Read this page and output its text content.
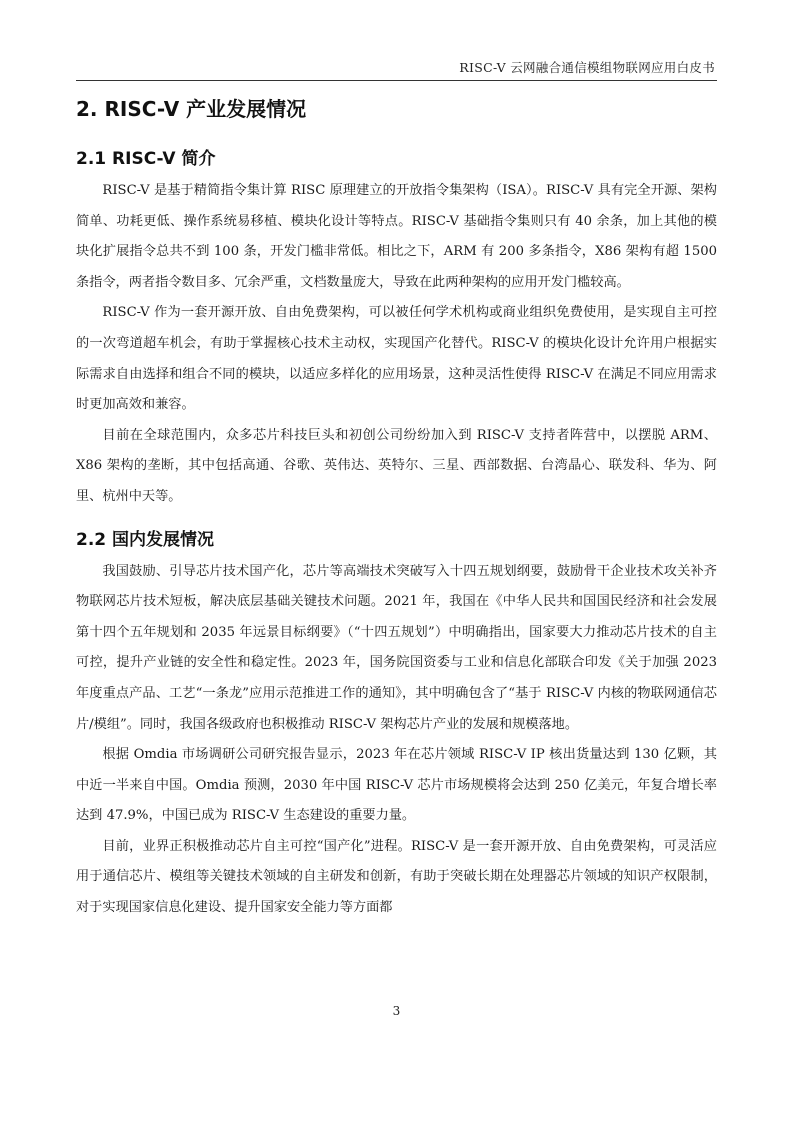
RISC-V 云网融合通信模组物联网应用白皮书
2. RISC-V 产业发展情况
2.1 RISC-V 简介

RISC-V 是基于精简指令集计算 RISC 原理建立的开放指令集架构（ISA）。RISC-V 具有完全开源、架构简单、功耗更低、操作系统易移植、模块化设计等特点。RISC-V 基础指令集则只有 40 余条，加上其他的模块化扩展指令总共不到 100 条，开发门槛非常低。相比之下，ARM 有 200 多条指令，X86 架构有超 1500 条指令，两者指令数目多、冗余严重，文档数量庞大，导致在此两种架构的应用开发门槛较高。

RISC-V 作为一套开源开放、自由免费架构，可以被任何学术机构或商业组织免费使用，是实现自主可控的一次弯道超车机会，有助于掌握核心技术主动权，实现国产化替代。RISC-V 的模块化设计允许用户根据实际需求自由选择和组合不同的模块，以适应多样化的应用场景，这种灵活性使得 RISC-V 在满足不同应用需求时更加高效和兼容。

目前在全球范围内，众多芯片科技巨头和初创公司纷纷加入到 RISC-V 支持者阵营中，以摆脱 ARM、X86 架构的垄断，其中包括高通、谷歌、英伟达、英特尔、三星、西部数据、台湾晶心、联发科、华为、阿里、杭州中天等。

2.2 国内发展情况

我国鼓励、引导芯片技术国产化，芯片等高端技术突破写入十四五规划纲要，鼓励骨干企业技术攻关补齐物联网芯片技术短板，解决底层基础关键技术问题。2021 年，我国在《中华人民共和国国民经济和社会发展第十四个五年规划和 2035 年远景目标纲要》（“十四五规划”）中明确指出，国家要大力推动芯片技术的自主可控，提升产业链的安全性和稳定性。2023 年，国务院国资委与工业和信息化部联合印发《关于加强 2023 年度重点产品、工艺“一条龙”应用示范推进工作的通知》，其中明确包含了“基于 RISC-V 内核的物联网通信芯片/模组”。同时，我国各级政府也积极推动 RISC-V 架构芯片产业的发展和规模落地。

根据 Omdia 市场调研公司研究报告显示，2023 年在芯片领域 RISC-V IP 核出货量达到 130 亿颗，其中近一半来自中国。Omdia 预测，2030 年中国 RISC-V 芯片市场规模将会达到 250 亿美元，年复合增长率达到 47.9%，中国已成为 RISC-V 生态建设的重要力量。

目前，业界正积极推动芯片自主可控“国产化”进程。RISC-V 是一套开源开放、自由免费架构，可灵活应用于通信芯片、模组等关键技术领域的自主研发和创新，有助于突破长期在处理器芯片领域的知识产权限制，对于实现国家信息化建设、提升国家安全能力等方面都

3
